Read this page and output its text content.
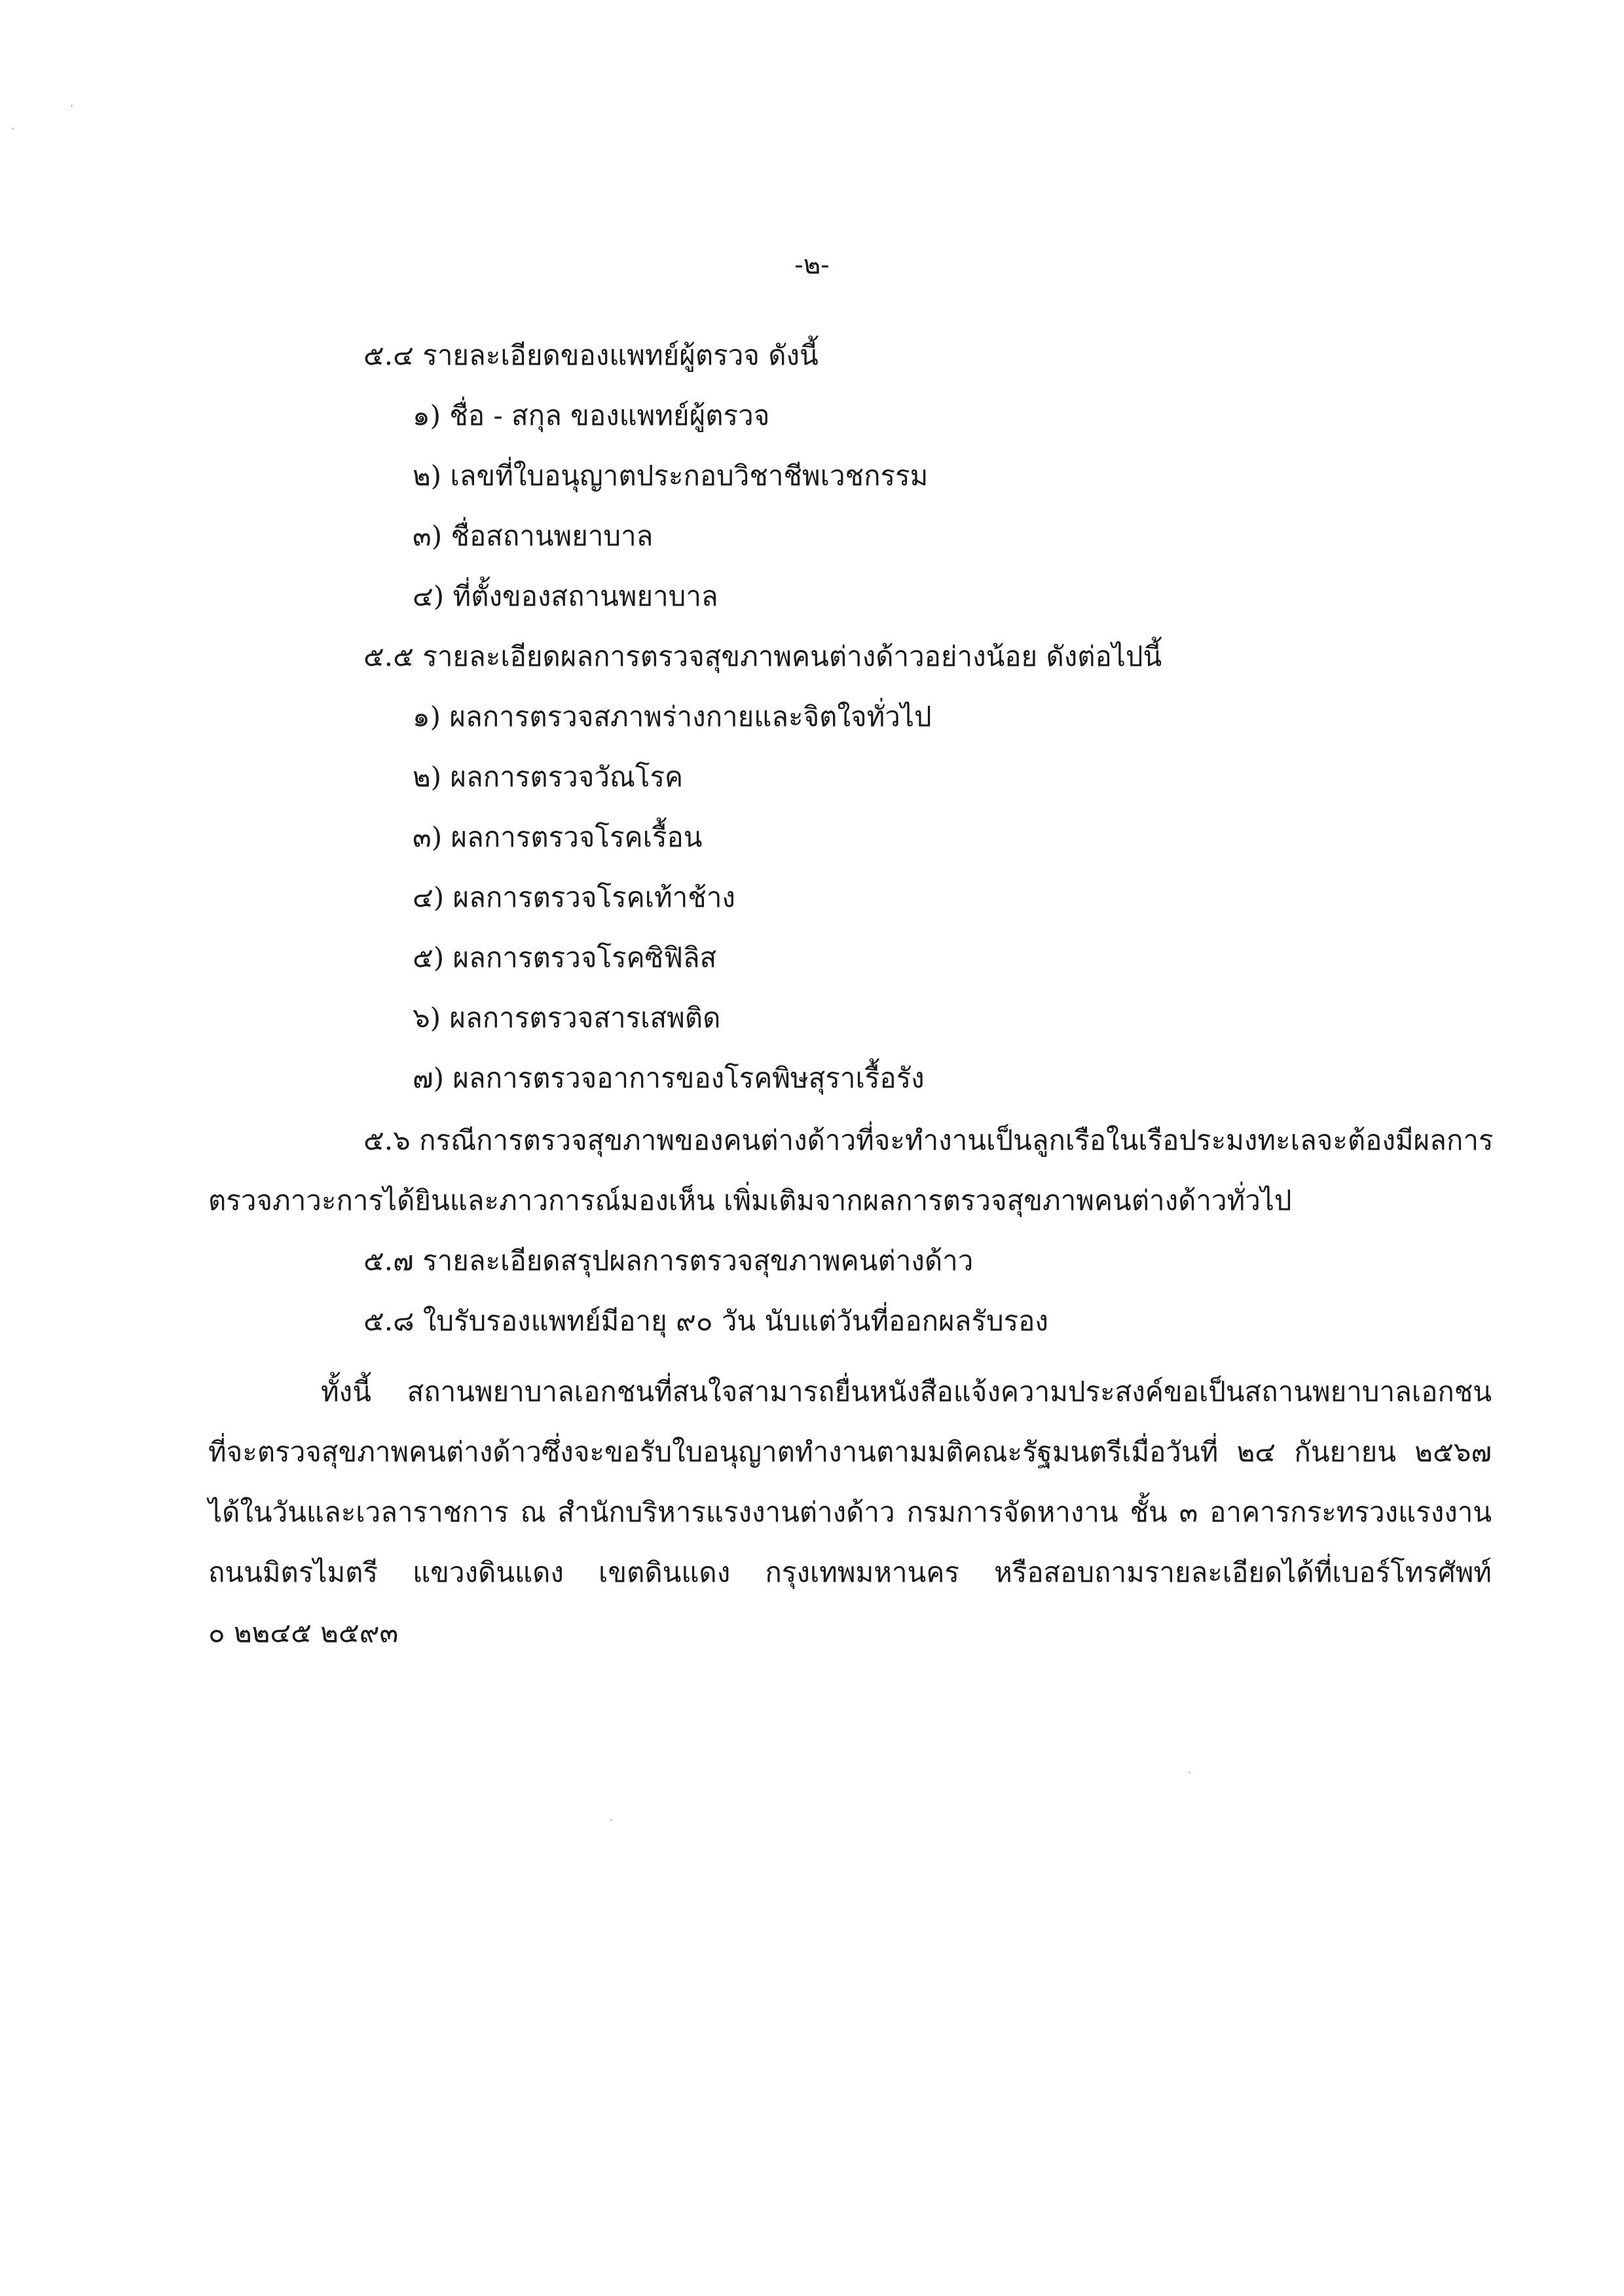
-๒-
๕.๔ รายละเอียดของแพทย์ผู้ตรวจ ดังนี้
๑) ชื่อ - สกุล ของแพทย์ผู้ตรวจ
๒) เลขที่ใบอนุญาตประกอบวิชาชีพเวชกรรม
๓) ชื่อสถานพยาบาล
๔) ที่ตั้งของสถานพยาบาล
๕.๕ รายละเอียดผลการตรวจสุขภาพคนต่างด้าวอย่างน้อย ดังต่อไปนี้
๑) ผลการตรวจสภาพร่างกายและจิตใจทั่วไป
๒) ผลการตรวจวัณโรค
๓) ผลการตรวจโรคเรื้อน
๔) ผลการตรวจโรคเท้าช้าง
๕) ผลการตรวจโรคซิฟิลิส
๖) ผลการตรวจสารเสพติด
๗) ผลการตรวจอาการของโรคพิษสุราเรื้อรัง
๕.๖ กรณีการตรวจสุขภาพของคนต่างด้าวที่จะทำงานเป็นลูกเรือในเรือประมงทะเลจะต้องมีผลการ
ตรวจภาวะการได้ยินและภาวการณ์มองเห็น เพิ่มเติมจากผลการตรวจสุขภาพคนต่างด้าวทั่วไป
๕.๗ รายละเอียดสรุปผลการตรวจสุขภาพคนต่างด้าว
๕.๘ ใบรับรองแพทย์มีอายุ ๙๐ วัน นับแต่วันที่ออกผลรับรอง
ทั้งนี้ สถานพยาบาลเอกชนที่สนใจสามารถยื่นหนังสือแจ้งความประสงค์ขอเป็นสถานพยาบาลเอกชน
ที่จะตรวจสุขภาพคนต่างด้าวซึ่งจะขอรับใบอนุญาตทำงานตามมติคณะรัฐมนตรีเมื่อวันที่ ๒๔ กันยายน ๒๕๖๗
ได้ในวันและเวลาราชการ ณ สำนักบริหารแรงงานต่างด้าว กรมการจัดหางาน ชั้น ๓ อาคารกระทรวงแรงงาน
ถนนมิตรไมตรี แขวงดินแดง เขตดินแดง กรุงเทพมหานคร หรือสอบถามรายละเอียดได้ที่เบอร์โทรศัพท์
๐ ๒๒๔๕ ๒๕๙๓
